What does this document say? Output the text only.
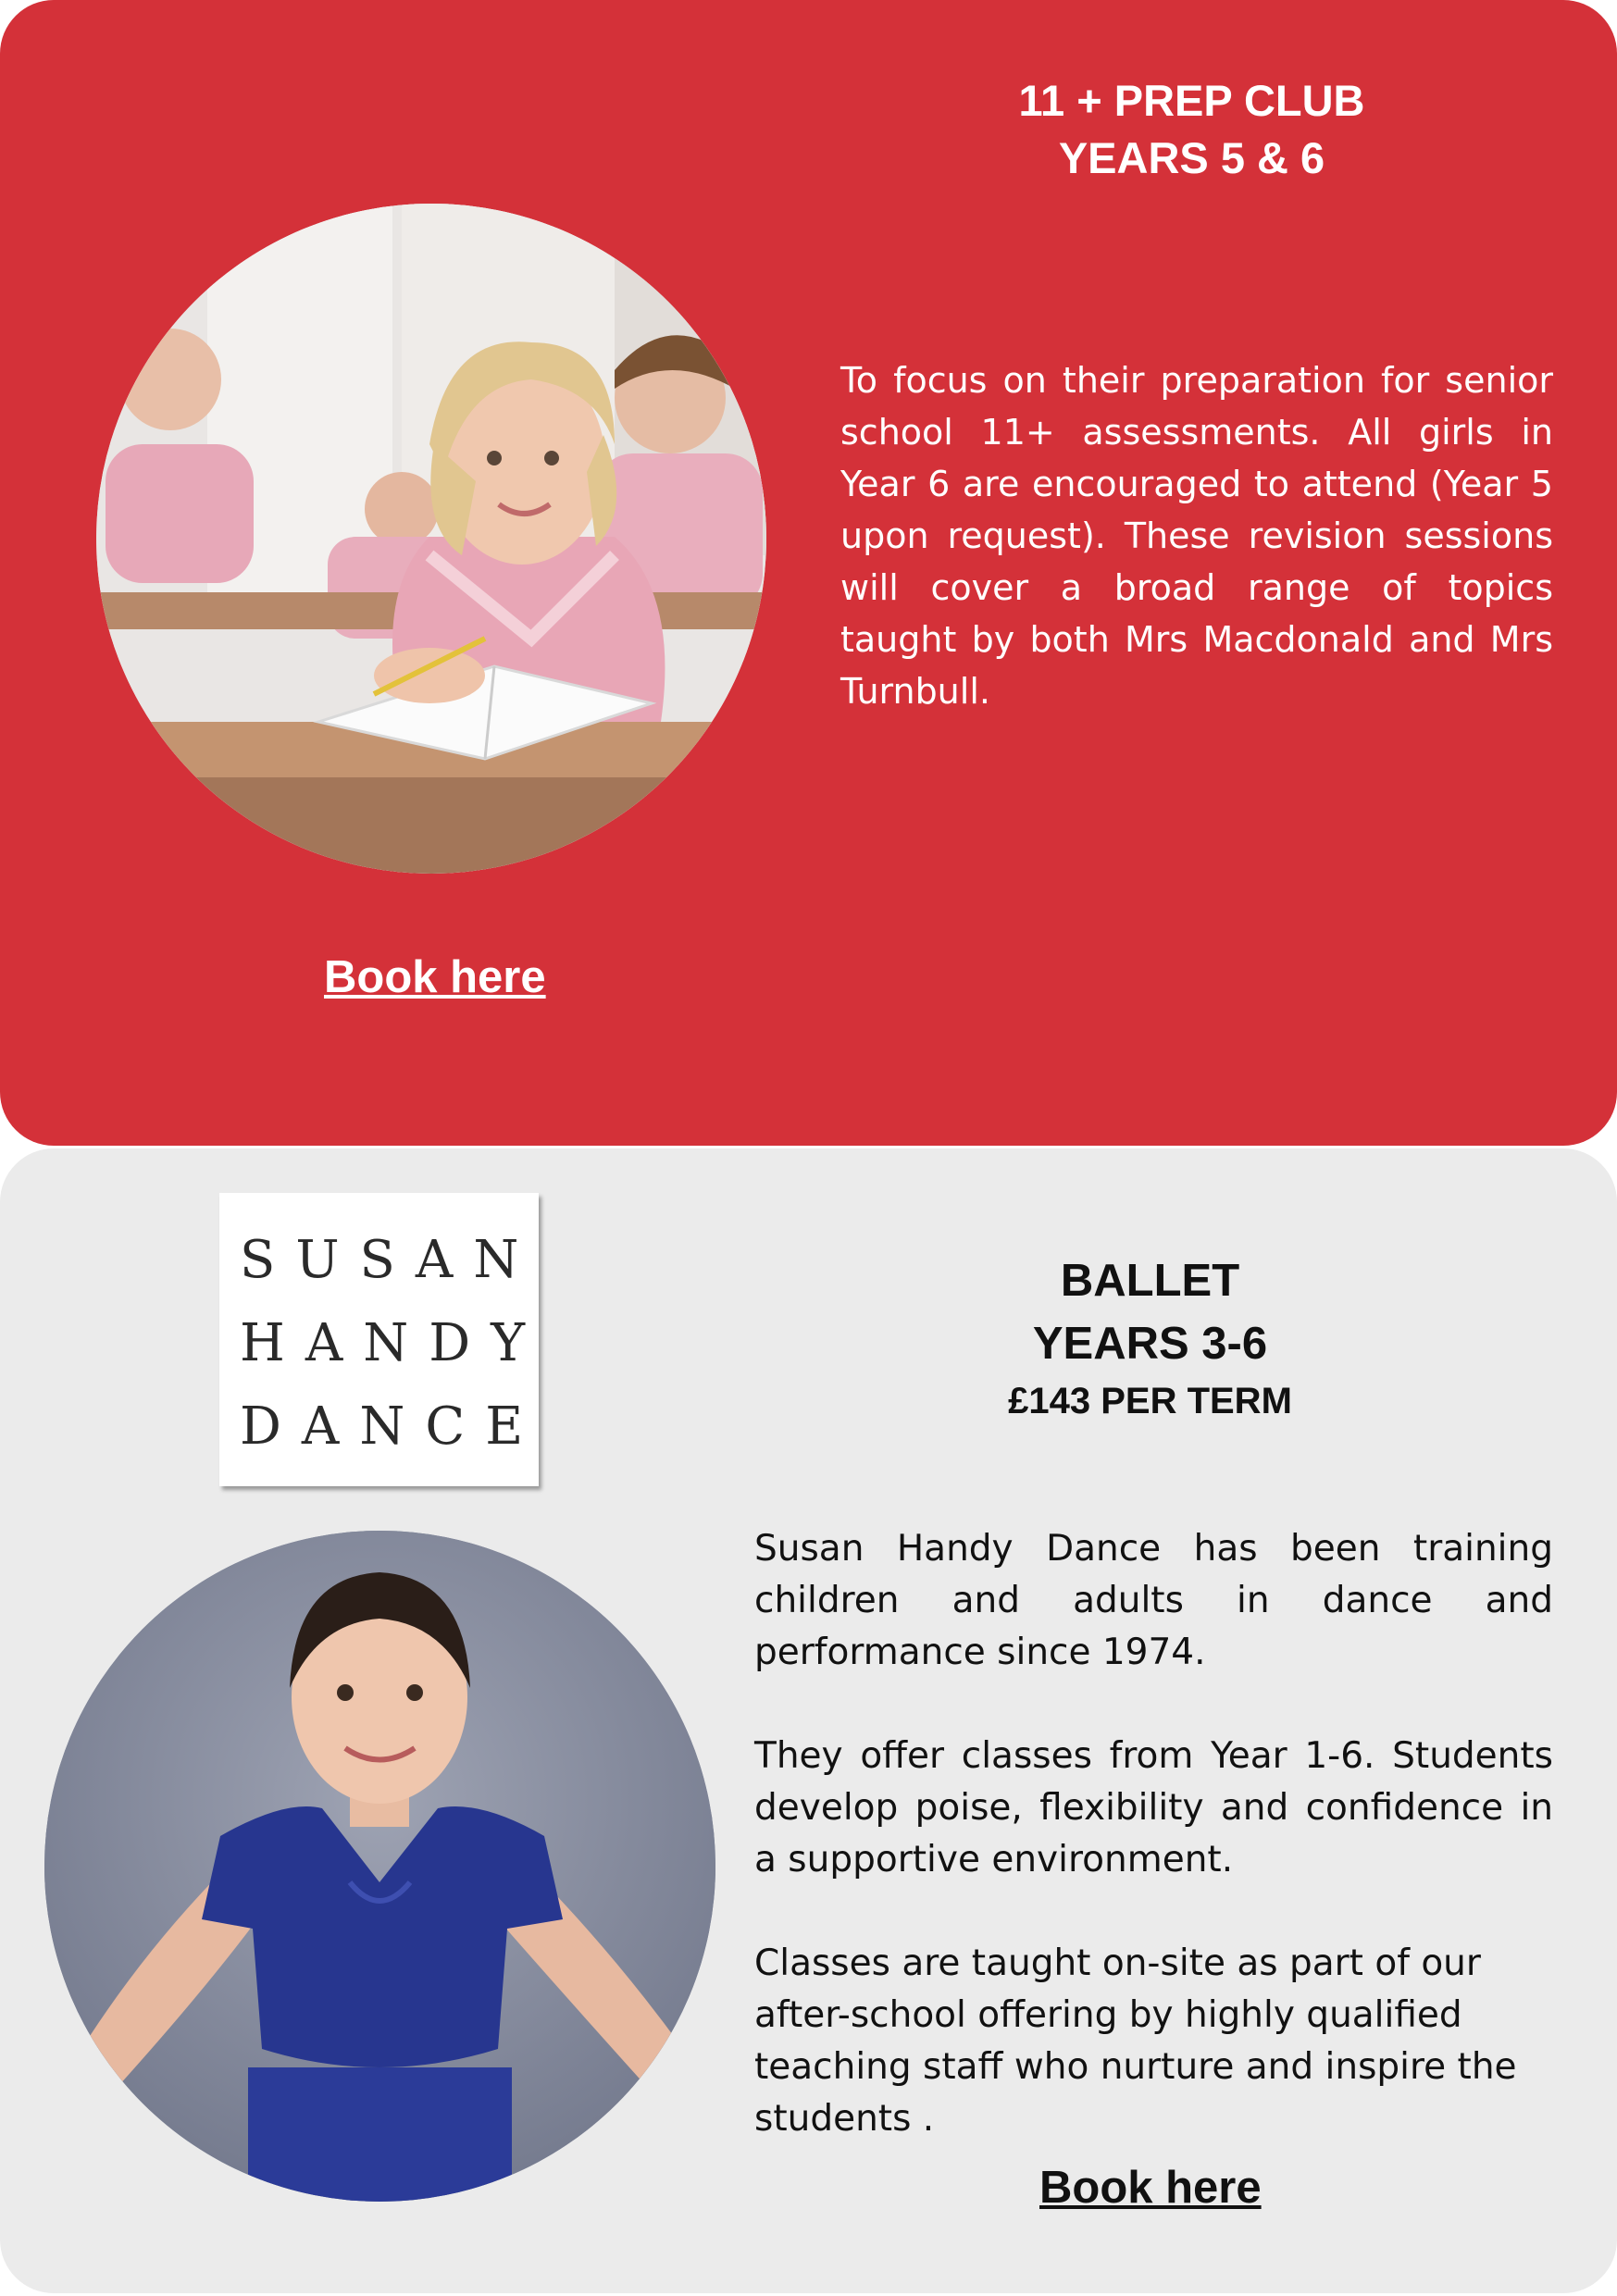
11 + PREP CLUB
YEARS 5 & 6

To focus on their preparation for senior school 11+ assessments. All girls in Year 6 are encouraged to attend (Year 5 upon request). These revision sessions will cover a broad range of topics taught by both Mrs Macdonald and Mrs Turnbull.

Book here
SUSAN
HANDY
DANCE
BALLET
YEARS 3-6
£143 PER TERM

Susan Handy Dance has been training children and adults in dance and performance since 1974.

They offer classes from Year 1-6. Students develop poise, flexibility and confidence in a supportive environment.

Classes are taught on-site as part of our after-school offering by highly qualified teaching staff who nurture and inspire the students .

Book here
